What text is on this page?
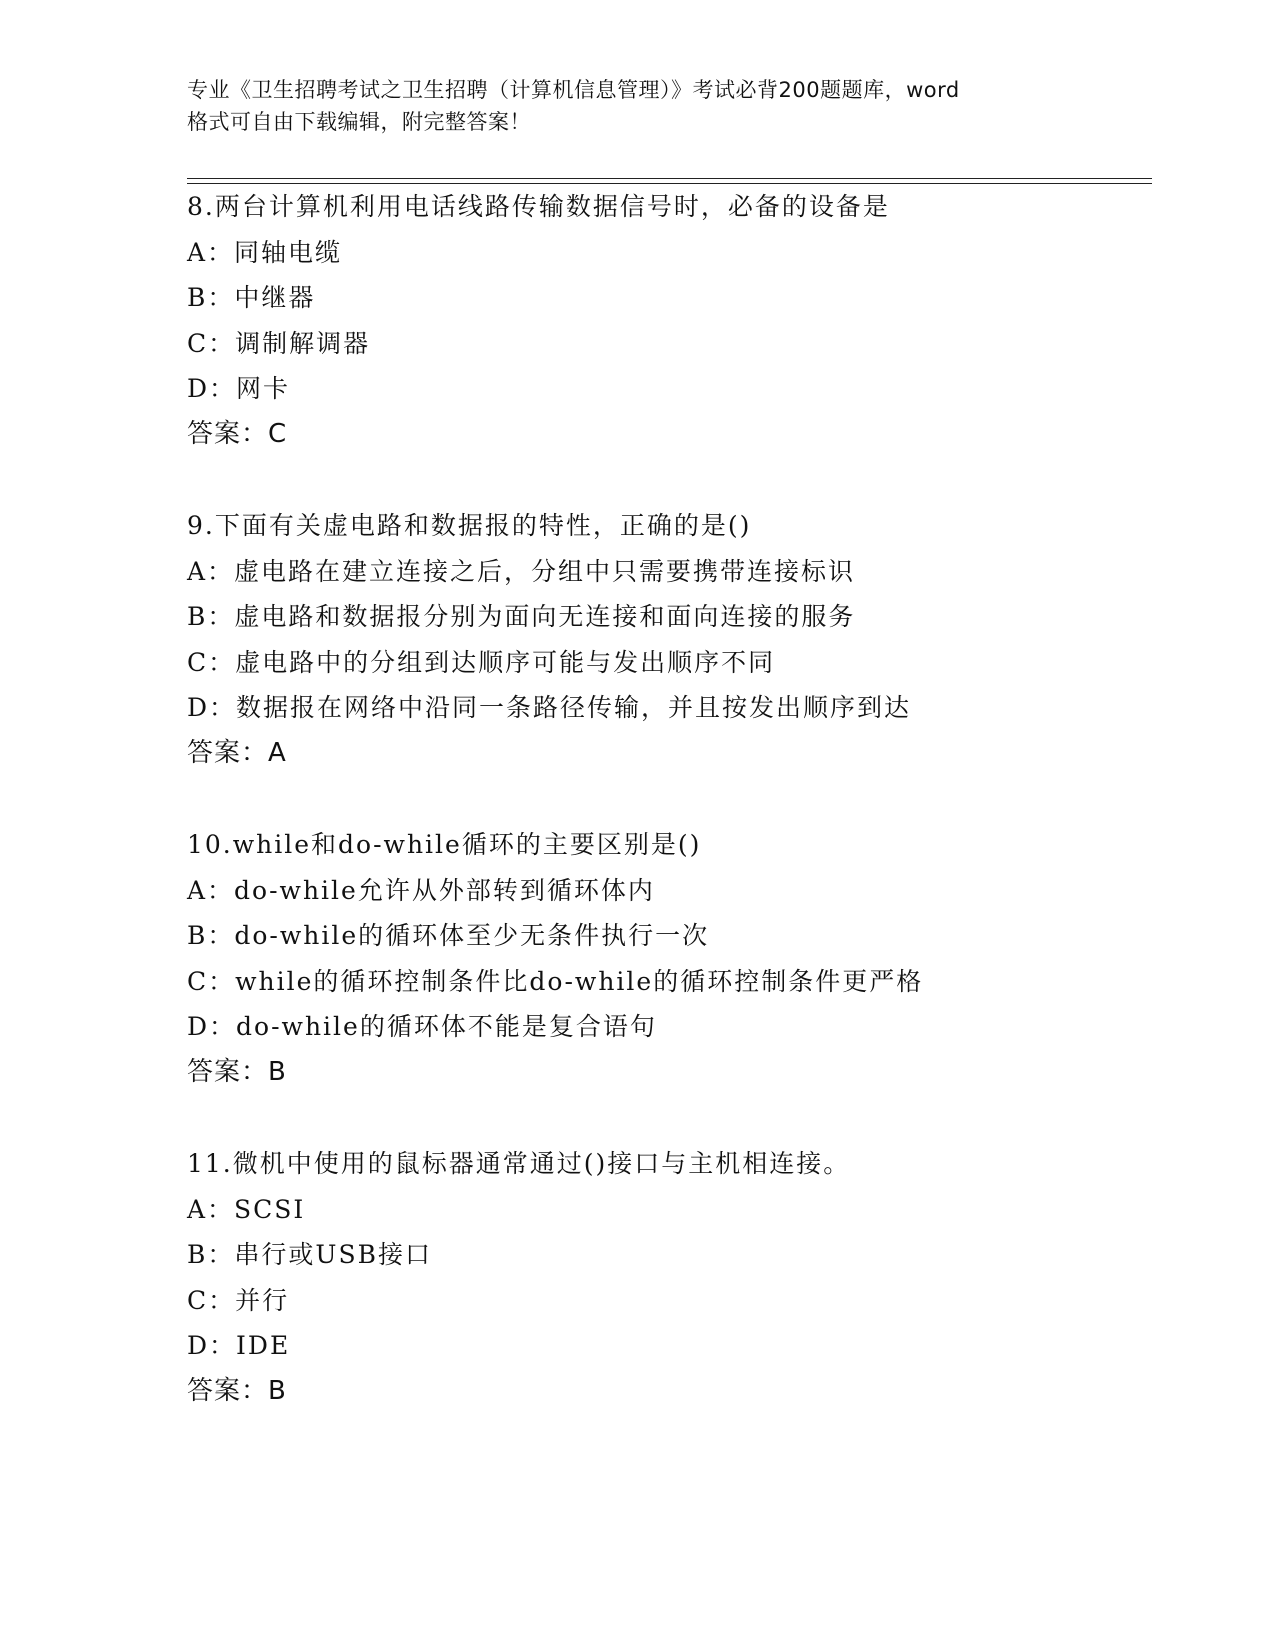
专业《卫生招聘考试之卫生招聘（计算机信息管理）》考试必背200题题库，word
格式可自由下载编辑，附完整答案！
8.两台计算机利用电话线路传输数据信号时，必备的设备是
A：同轴电缆
B：中继器
C：调制解调器
D：网卡
答案：C
9.下面有关虚电路和数据报的特性，正确的是()
A：虚电路在建立连接之后，分组中只需要携带连接标识
B：虚电路和数据报分别为面向无连接和面向连接的服务
C：虚电路中的分组到达顺序可能与发出顺序不同
D：数据报在网络中沿同一条路径传输，并且按发出顺序到达
答案：A
10.while和do-while循环的主要区别是()
A：do-while允许从外部转到循环体内
B：do-while的循环体至少无条件执行一次
C：while的循环控制条件比do-while的循环控制条件更严格
D：do-while的循环体不能是复合语句
答案：B
11.微机中使用的鼠标器通常通过()接口与主机相连接。
A：SCSI
B：串行或USB接口
C：并行
D：IDE
答案：B
